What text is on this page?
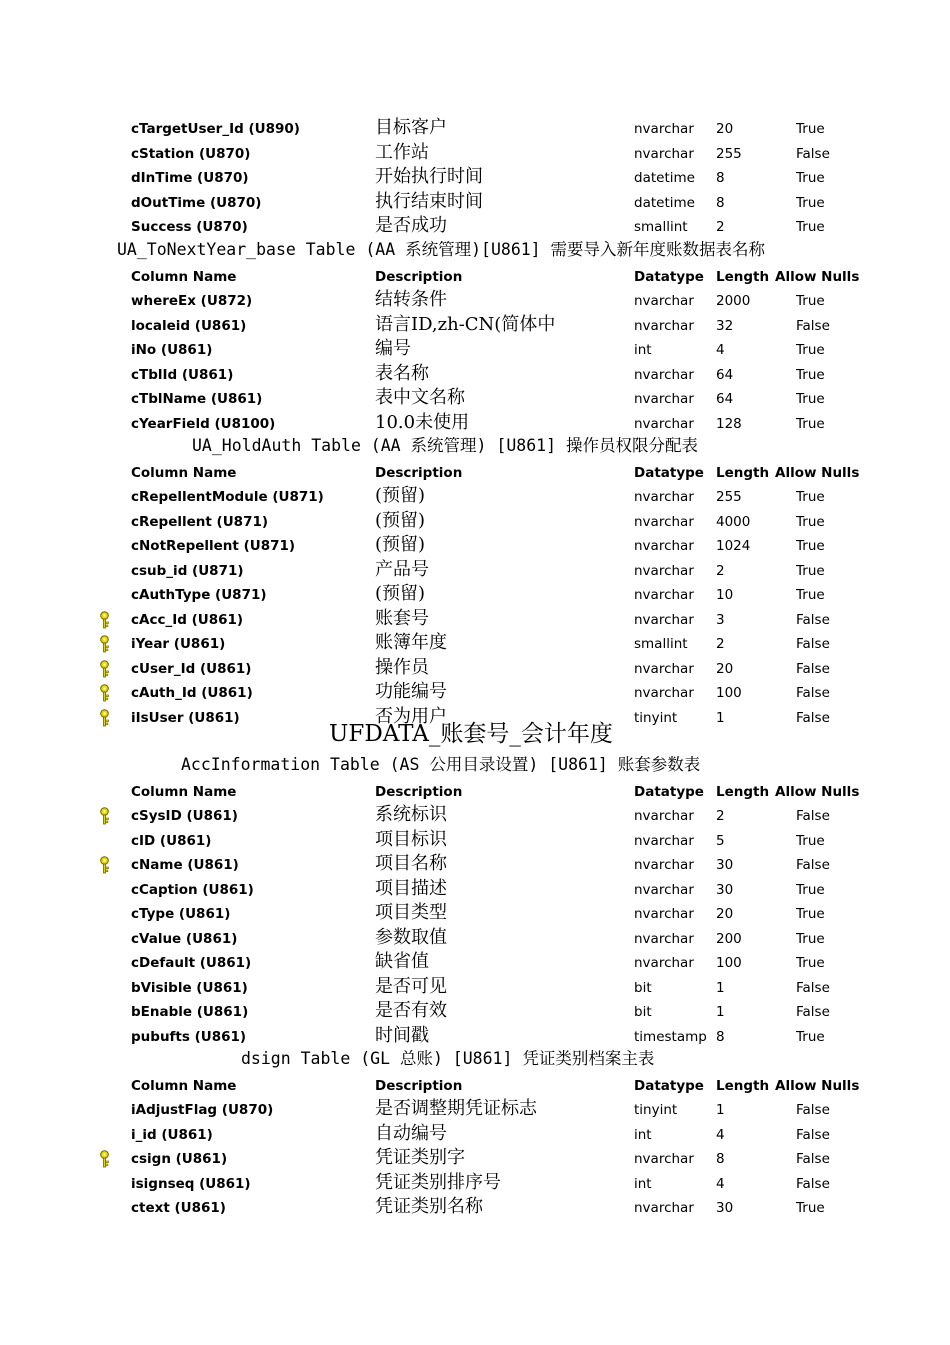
cTargetUser_Id (U890)	目标客户	nvarchar 20	True
cStation (U870)	工作站	nvarchar 255	False
dInTime (U870)	开始执行时间	datetime 8	True
dOutTime (U870)	执行结束时间	datetime 8	True
Success (U870)	是否成功	smallint 2	True
UA_ToNextYear_base Table (AA 系统管理)[U861] 需要导入新年度账数据表名称
Column Name	Description	Datatype Length Allow Nulls
whereEx (U872)	结转条件	nvarchar 2000	True
localeid (U861)	语言ID,zh-CN(简体中	nvarchar 32	False
iNo (U861)	编号	int	4	True
cTblId (U861)	表名称	nvarchar 64	True
cTblName (U861)	表中文名称	nvarchar 64	True
cYearField (U8100)	10.0未使用	nvarchar 128	True
UA_HoldAuth Table (AA 系统管理) [U861] 操作员权限分配表
Column Name	Description	Datatype Length Allow Nulls
cRepellentModule (U871)	(预留)	nvarchar 255	True
cRepellent (U871)	(预留)	nvarchar 4000	True
cNotRepellent (U871)	(预留)	nvarchar 1024	True
csub_id (U871)	产品号	nvarchar 2	True
cAuthType (U871)	(预留)	nvarchar 10	True
cAcc_Id (U861)	账套号	nvarchar 3	False
iYear (U861)	账簿年度	smallint 2	False
cUser_Id (U861)	操作员	nvarchar 20	False
cAuth_Id (U861)	功能编号	nvarchar 100	False
iIsUser (U861)	否为用户	tinyint	1	False
UFDATA_账套号_会计年度
AccInformation Table (AS 公用目录设置) [U861] 账套参数表
Column Name	Description	Datatype Length Allow Nulls
cSysID (U861)	系统标识	nvarchar 2	False
cID (U861)	项目标识	nvarchar 5	True
cName (U861)	项目名称	nvarchar 30	False
cCaption (U861)	项目描述	nvarchar 30	True
cType (U861)	项目类型	nvarchar 20	True
cValue (U861)	参数取值	nvarchar 200	True
cDefault (U861)	缺省值	nvarchar 100	True
bVisible (U861)	是否可见	bit	1	False
bEnable (U861)	是否有效	bit	1	False
pubufts (U861)	时间戳	timestamp 8	True
dsign Table (GL 总账) [U861] 凭证类别档案主表
Column Name	Description	Datatype Length Allow Nulls
iAdjustFlag (U870)	是否调整期凭证标志	tinyint	1	False
i_id (U861)	自动编号	int	4	False
csign (U861)	凭证类别字	nvarchar 8	False
isignseq (U861)	凭证类别排序号	int	4	False
ctext (U861)	凭证类别名称	nvarchar 30	True
